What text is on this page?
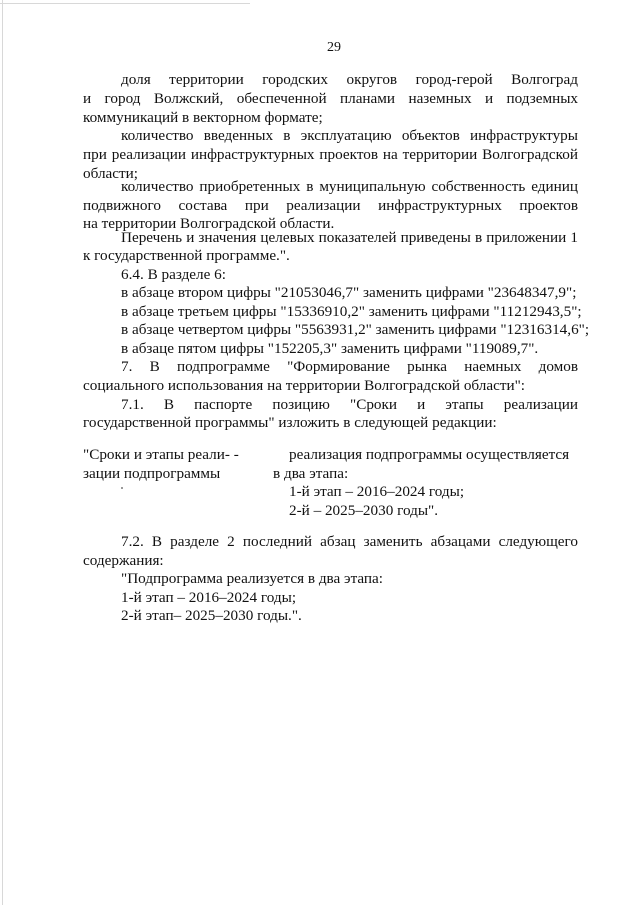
29
доля территории городских округов город-герой Волгоград
и город Волжский, обеспеченной планами наземных и подземных
коммуникаций в векторном формате;
количество введенных в эксплуатацию объектов инфраструктуры
при реализации инфраструктурных проектов на территории Волгоградской
области;
количество приобретенных в муниципальную собственность единиц
подвижного состава при реализации инфраструктурных проектов
на территории Волгоградской области.
Перечень и значения целевых показателей приведены в приложении 1
к государственной программе.".
6.4. В разделе 6:
в абзаце втором цифры "21053046,7" заменить цифрами "23648347,9";
в абзаце третьем цифры "15336910,2" заменить цифрами "11212943,5";
в абзаце четвертом цифры "5563931,2" заменить цифрами "12316314,6";
в абзаце пятом цифры "152205,3" заменить цифрами "119089,7".
7. В подпрограмме "Формирование рынка наемных домов
социального использования на территории Волгоградской области":
7.1. В паспорте позицию "Сроки и этапы реализации
государственной программы" изложить в следующей редакции:
"Сроки и этапы реали- -
зации подпрограммы
реализация подпрограммы осуществляется
в два этапа:
1-й этап – 2016–2024 годы;
2-й – 2025–2030 годы".
7.2. В разделе 2 последний абзац заменить абзацами следующего
содержания:
"Подпрограмма реализуется в два этапа:
1-й этап – 2016–2024 годы;
2-й этап– 2025–2030 годы.".
